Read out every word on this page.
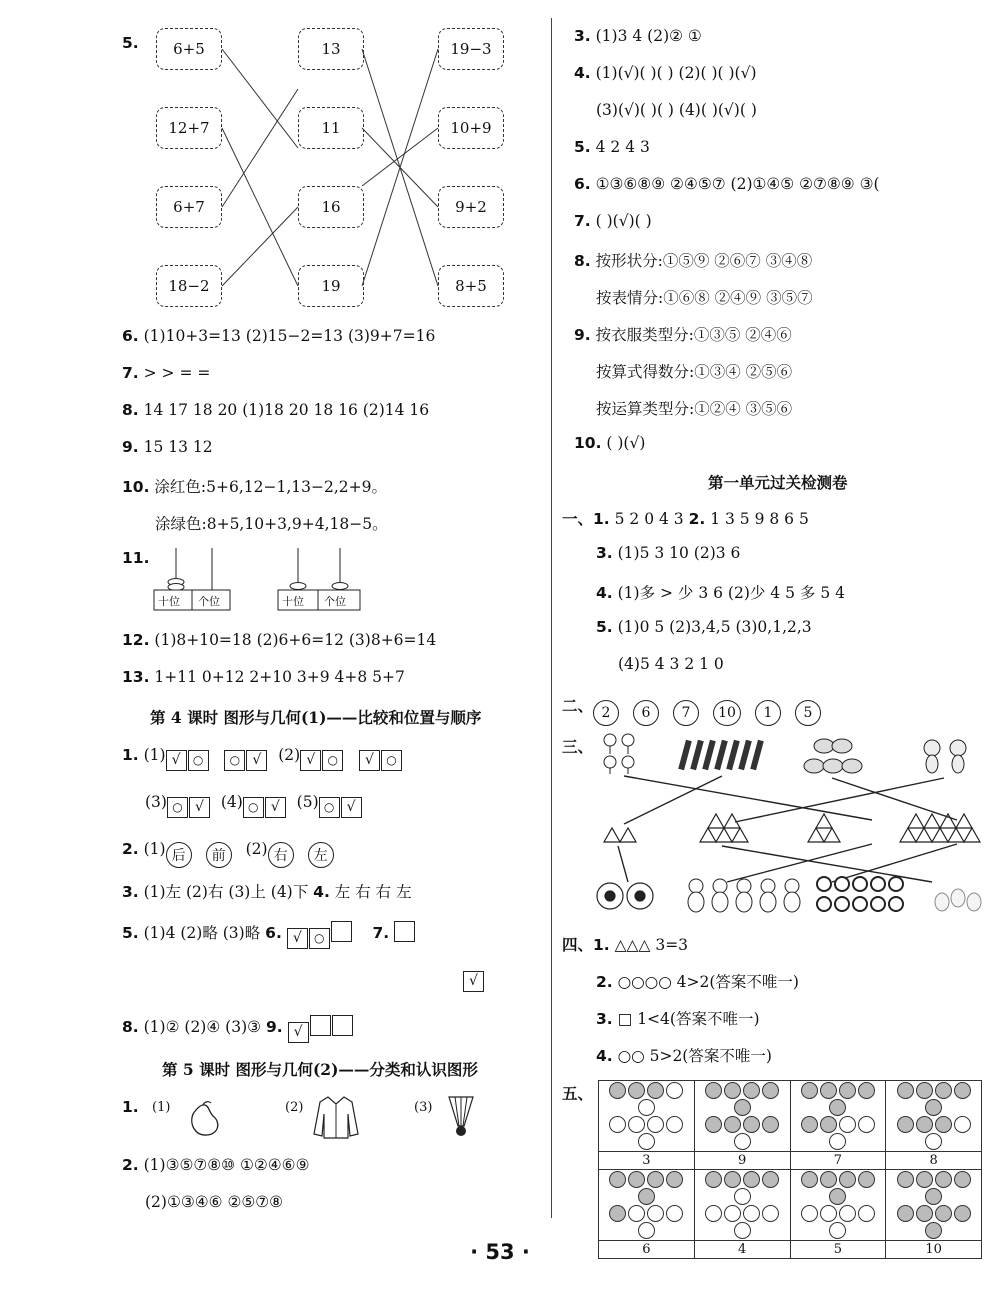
5.	6+5
12+7
6+7
18−2
13
11
16
19
19−3
10+9
9+2
8+5
6. (1)10+3=13 (2)15−2=13 (3)9+7=16
7. > > = =
8. 14 17 18 20 (1)18 20 18 16 (2)14 16
9. 15 13 12
10. 涂红色:5+6,12−1,13−2,2+9。
涂绿色:8+5,10+3,9+4,18−5。
11.
十位 个位	十位 个位
12. (1)8+10=18 (2)6+6=12 (3)8+6=14
13. 1+11 0+12 2+10 3+9 4+8 5+7
第 4 课时 图形与几何(1)——比较和位置与顺序
1. (1) √ ○ ○ √ (2) √ ○ √ ○
(3) ○ √ (4) ○ √ (5) ○ √
2. (1) 后 前 (2) 右 左
3. (1)左 (2)右 (3)上 (4)下 4. 左 右 右 左
5. (1)4 (2)略 (3)略 6. √ ○	7.
√
8. (1)② (2)④ (3)③ 9. √
第 5 课时 图形与几何(2)——分类和认识图形
1. (1)	(2)	(3)
2. (1)③⑤⑦⑧⑩ ①②④⑥⑨
(2)①③④⑥ ②⑤⑦⑧
3. (1)3 4 (2)② ①
4. (1)(√)( )( ) (2)( )( )(√)
(3)(√)( )( ) (4)( )(√)( )
5. 4 2 4 3
6. ①③⑥⑧⑨ ②④⑤⑦ (2)①④⑤ ②⑦⑧⑨ ③(
7. ( )(√)( )
8. 按形状分:①⑤⑨ ②⑥⑦ ③④⑧
按表情分:①⑥⑧ ②④⑨ ③⑤⑦
9. 按衣服类型分:①③⑤ ②④⑥
按算式得数分:①③④ ②⑤⑥
按运算类型分:①②④ ③⑤⑥
10. ( )(√)
第一单元过关检测卷
一、1. 5 2 0 4 3 2. 1 3 5 9 8 6 5
3. (1)5 3 10 (2)3 6
4. (1)多 > 少 3 6 (2)少 4 5 多 5 4
5. (1)0 5 (2)3,4,5 (3)0,1,2,3
(4)5 4 3 2 1 0
二、 2 6 7 10 1 5
三、
四、1. △△△ 3=3
2. ○○○○ 4>2(答案不唯一)
3. □ 1<4(答案不唯一)
4. ○○ 5>2(答案不唯一)
五、

3	9	7	8

6	4	5	10
· 53 ·
